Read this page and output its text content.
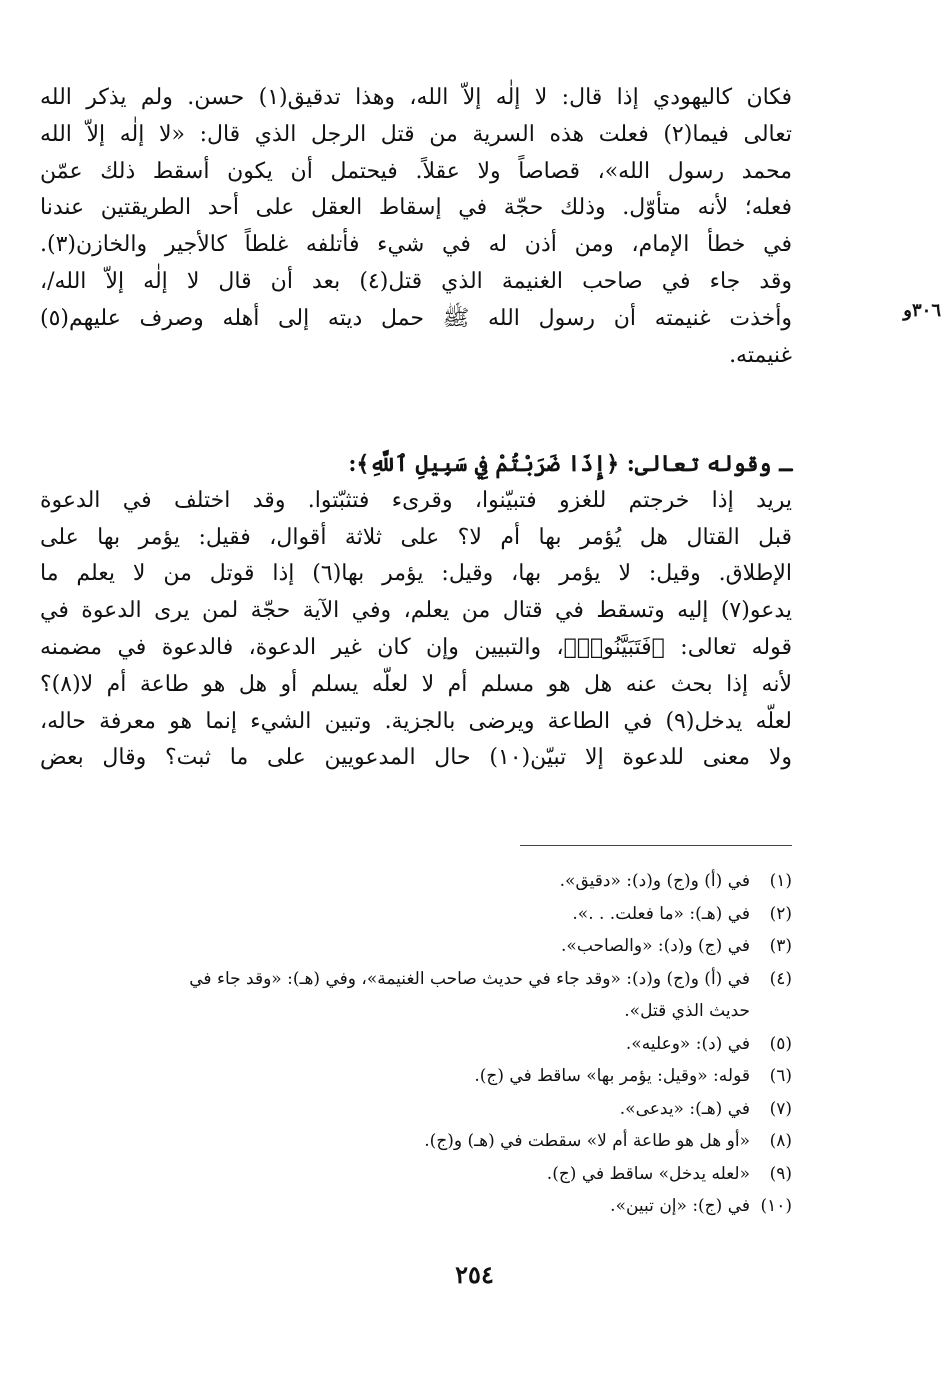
فكان كاليهودي إذا قال: لا إلٰه إلاّ الله، وهذا تدقيق(١) حسن. ولم يذكر الله
تعالى فيما(٢) فعلت هذه السرية من قتل الرجل الذي قال: «لا إلٰه إلاّ الله
محمد رسول الله»، قصاصاً ولا عقلاً. فيحتمل أن يكون أسقط ذلك عمّن
فعله؛ لأنه متأوّل. وذلك حجّة في إسقاط العقل على أحد الطريقتين عندنا
في خطأ الإمام، ومن أذن له في شيء فأتلفه غلطاً كالأجير والخازن(٣).
وقد جاء في صاحب الغنيمة الذي قتل(٤) بعد أن قال لا إلٰه إلاّ الله/،
وأخذت غنيمته أن رسول الله ﷺ حمل ديته إلى أهله وصرف عليهم(٥)
غنيمته.
٣٠٦و
ـ وقوله تعالى: ﴿إِذَا ضَرَبْتُمْ فِي سَبِيلِ ٱللَّهِ﴾:
يريد إذا خرجتم للغزو فتبيّنوا، وقرىء فتثبّتوا. وقد اختلف في الدعوة
قبل القتال هل يُؤمر بها أم لا؟ على ثلاثة أقوال، فقيل: يؤمر بها على
الإطلاق. وقيل: لا يؤمر بها، وقيل: يؤمر بها(٦) إذا قوتل من لا يعلم ما
يدعو(٧) إليه وتسقط في قتال من يعلم، وفي الآية حجّة لمن يرى الدعوة في
قوله تعالى: ﴿فَتَبَيَّنُوا۟﴾، والتبيين وإن كان غير الدعوة، فالدعوة في مضمنه
لأنه إذا بحث عنه هل هو مسلم أم لا لعلّه يسلم أو هل هو طاعة أم لا(٨)؟
لعلّه يدخل(٩) في الطاعة ويرضى بالجزية. وتبين الشيء إنما هو معرفة حاله،
ولا معنى للدعوة إلا تبيّن(١٠) حال المدعويين على ما ثبت؟ وقال بعض
(١)في (أ) و(ج) و(د): «دقيق».
(٢)في (هـ): «ما فعلت. . .».
(٣)في (ج) و(د): «والصاحب».
(٤)في (أ) و(ج) و(د): «وقد جاء في حديث صاحب الغنيمة»، وفي (هـ): «وقد جاء في
حديث الذي قتل».
(٥)في (د): «وعليه».
(٦)قوله: «وقيل: يؤمر بها» ساقط في (ج).
(٧)في (هـ): «يدعى».
(٨)«أو هل هو طاعة أم لا» سقطت في (هـ) و(ج).
(٩)«لعله يدخل» ساقط في (ج).
(١٠)في (ج): «إن تبين».
٢٥٤
